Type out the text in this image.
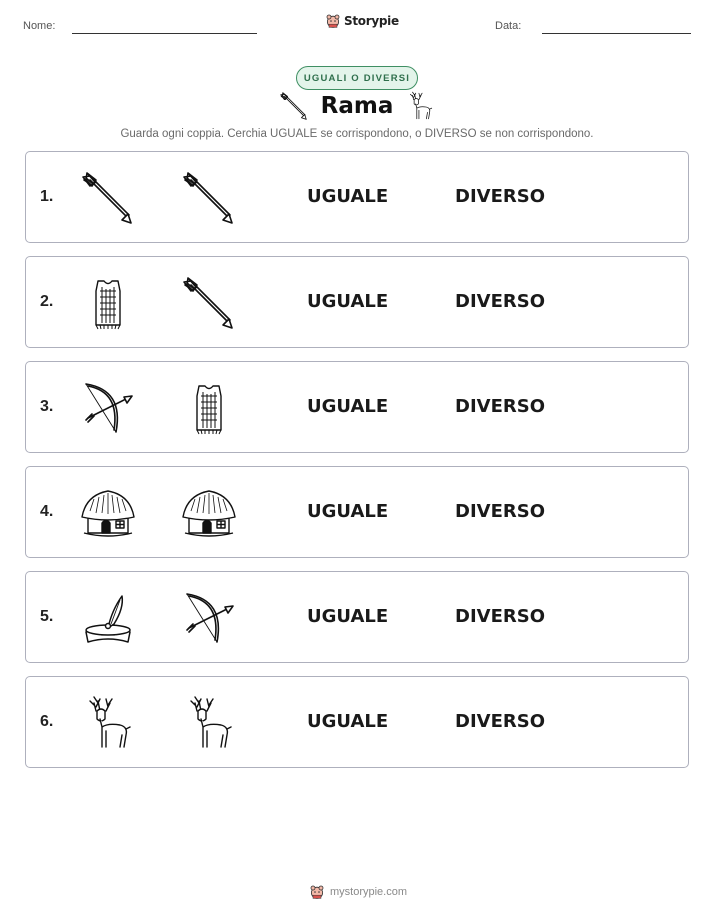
Nome:	Storypie	Data:
UGUALI O DIVERSI
Rama
Guarda ogni coppia. Cerchia UGUALE se corrispondono, o DIVERSO se non corrispondono.
1.	UGUALE	DIVERSO
2.	UGUALE	DIVERSO
3.	UGUALE	DIVERSO
4.	UGUALE	DIVERSO
5.	UGUALE	DIVERSO
6.	UGUALE	DIVERSO
mystorypie.com
